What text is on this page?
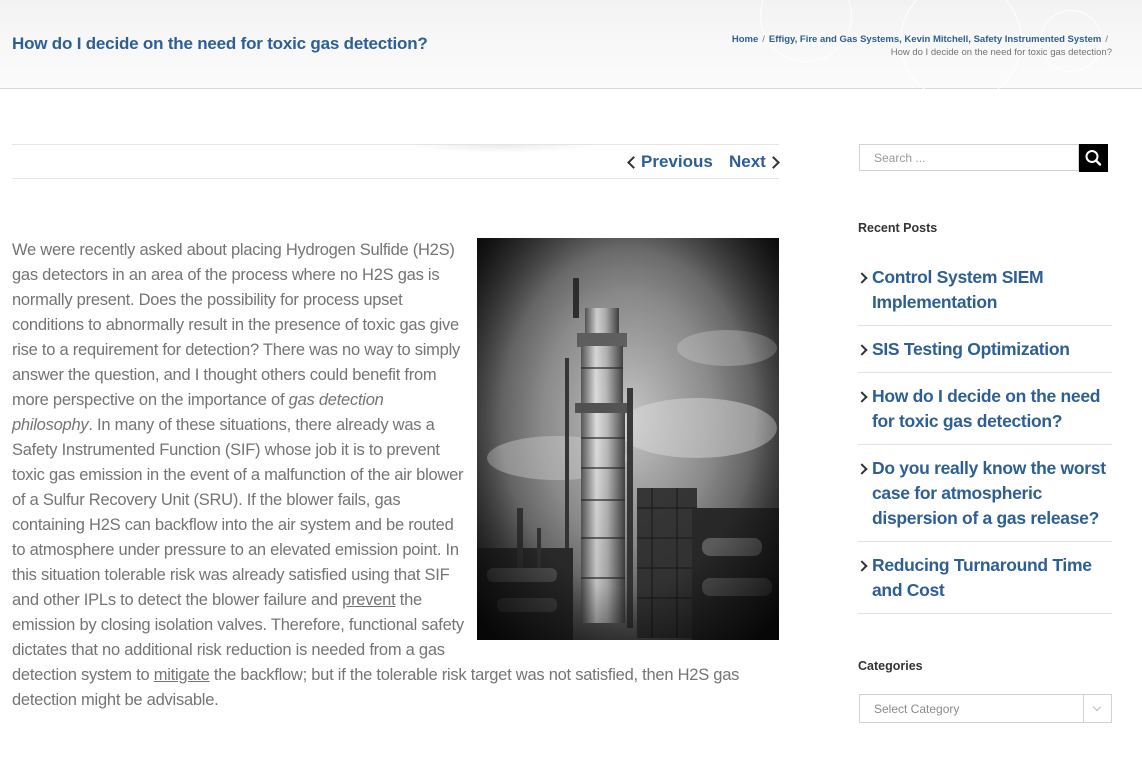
How do I decide on the need for toxic gas detection?	Home / Effigy, Fire and Gas Systems, Kevin Mitchell, Safety Instrumented System /
How do I decide on the need for toxic gas detection?
Previous Next

We were recently asked about placing Hydrogen Sulfide (H2S) gas detectors in an area of the process where no H2S gas is normally present. Does the possibility for process upset conditions to abnormally result in the presence of toxic gas give rise to a requirement for detection? There was no way to simply answer the question, and I thought others could benefit from more perspective on the importance of gas detection philosophy. In many of these situations, there already was a Safety Instrumented Function (SIF) whose job it is to prevent toxic gas emission in the event of a malfunction of the air blower of a Sulfur Recovery Unit (SRU). If the blower fails, gas containing H2S can backflow into the air system and be routed to atmosphere under pressure to an elevated emission point. In this situation tolerable risk was already satisfied using that SIF and other IPLs to detect the blower failure and prevent the emission by closing isolation valves. Therefore, functional safety dictates that no additional risk reduction is needed from a gas detection system to mitigate the backflow; but if the tolerable risk target was not satisfied, then H2S gas detection might be advisable.

Search ...
Recent Posts
Control System SIEM Implementation
SIS Testing Optimization
How do I decide on the need for toxic gas detection?
Do you really know the worst case for atmospheric dispersion of a gas release?
Reducing Turnaround Time and Cost
Categories
Select Category
